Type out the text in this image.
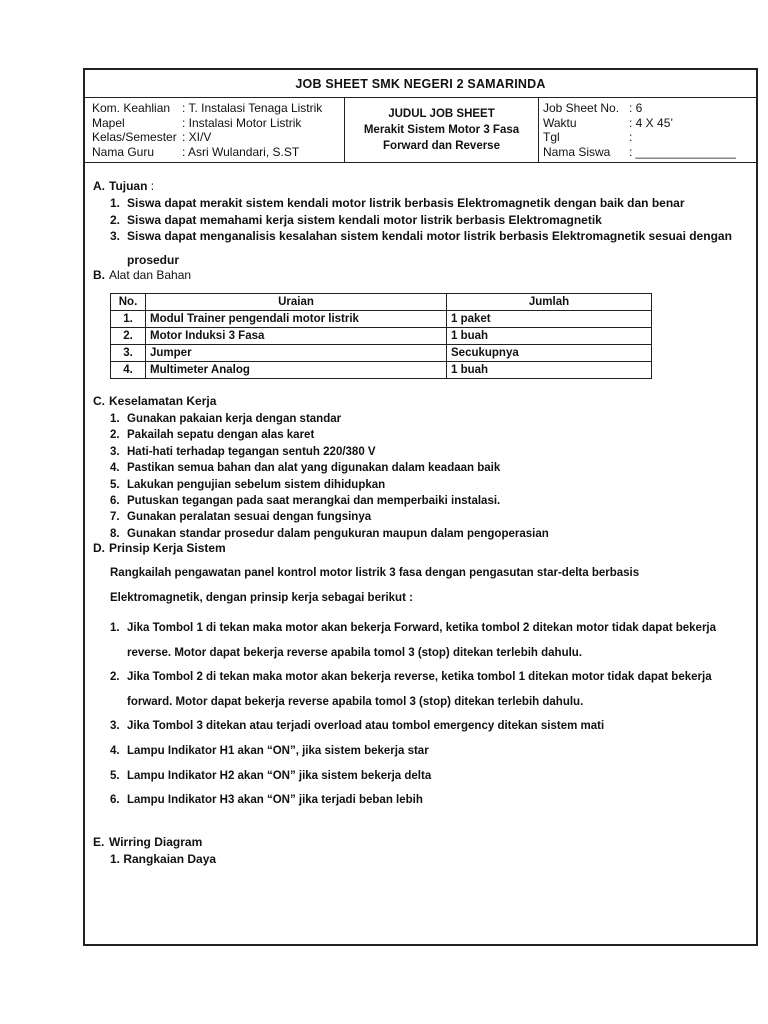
JOB SHEET SMK NEGERI 2 SAMARINDA
Kom. Keahlian : T. Instalasi Tenaga Listrik
Mapel	: Instalasi Motor Listrik
Kelas/Semester : XI/V
Nama Guru	: Asri Wulandari, S.ST
JUDUL JOB SHEET
Merakit Sistem Motor 3 Fasa
Forward dan Reverse
Job Sheet No. : 6
Waktu	: 4 X 45’
Tgl	:
Nama Siswa	: _______________
A. Tujuan :
1. Siswa dapat merakit sistem kendali motor listrik berbasis Elektromagnetik dengan baik dan benar
2. Siswa dapat memahami kerja sistem kendali motor listrik berbasis Elektromagnetik
3. Siswa dapat menganalisis kesalahan sistem kendali motor listrik berbasis Elektromagnetik sesuai dengan
prosedur
B. Alat dan Bahan
No.	Uraian	Jumlah
1.	Modul Trainer pengendali motor listrik	1 paket
2.	Motor Induksi 3 Fasa	1 buah
3.	Jumper	Secukupnya
4.	Multimeter Analog	1 buah
C. Keselamatan Kerja
1. Gunakan pakaian kerja dengan standar
2. Pakailah sepatu dengan alas karet
3. Hati-hati terhadap tegangan sentuh 220/380 V
4. Pastikan semua bahan dan alat yang digunakan dalam keadaan baik
5. Lakukan pengujian sebelum sistem dihidupkan
6. Putuskan tegangan pada saat merangkai dan memperbaiki instalasi.
7. Gunakan peralatan sesuai dengan fungsinya
8. Gunakan standar prosedur dalam pengukuran maupun dalam pengoperasian
D. Prinsip Kerja Sistem
Rangkailah pengawatan panel kontrol motor listrik 3 fasa dengan pengasutan star-delta berbasis
Elektromagnetik, dengan prinsip kerja sebagai berikut :
1. Jika Tombol 1 di tekan maka motor akan bekerja Forward, ketika tombol 2 ditekan motor tidak dapat bekerja
reverse. Motor dapat bekerja reverse apabila tomol 3 (stop) ditekan terlebih dahulu.
2. Jika Tombol 2 di tekan maka motor akan bekerja reverse, ketika tombol 1 ditekan motor tidak dapat bekerja
forward. Motor dapat bekerja reverse apabila tomol 3 (stop) ditekan terlebih dahulu.
3. Jika Tombol 3 ditekan atau terjadi overload atau tombol emergency ditekan sistem mati
4. Lampu Indikator H1 akan “ON”, jika sistem bekerja star
5. Lampu Indikator H2 akan “ON” jika sistem bekerja delta
6. Lampu Indikator H3 akan “ON” jika terjadi beban lebih
E. Wirring Diagram
1. Rangkaian Daya
